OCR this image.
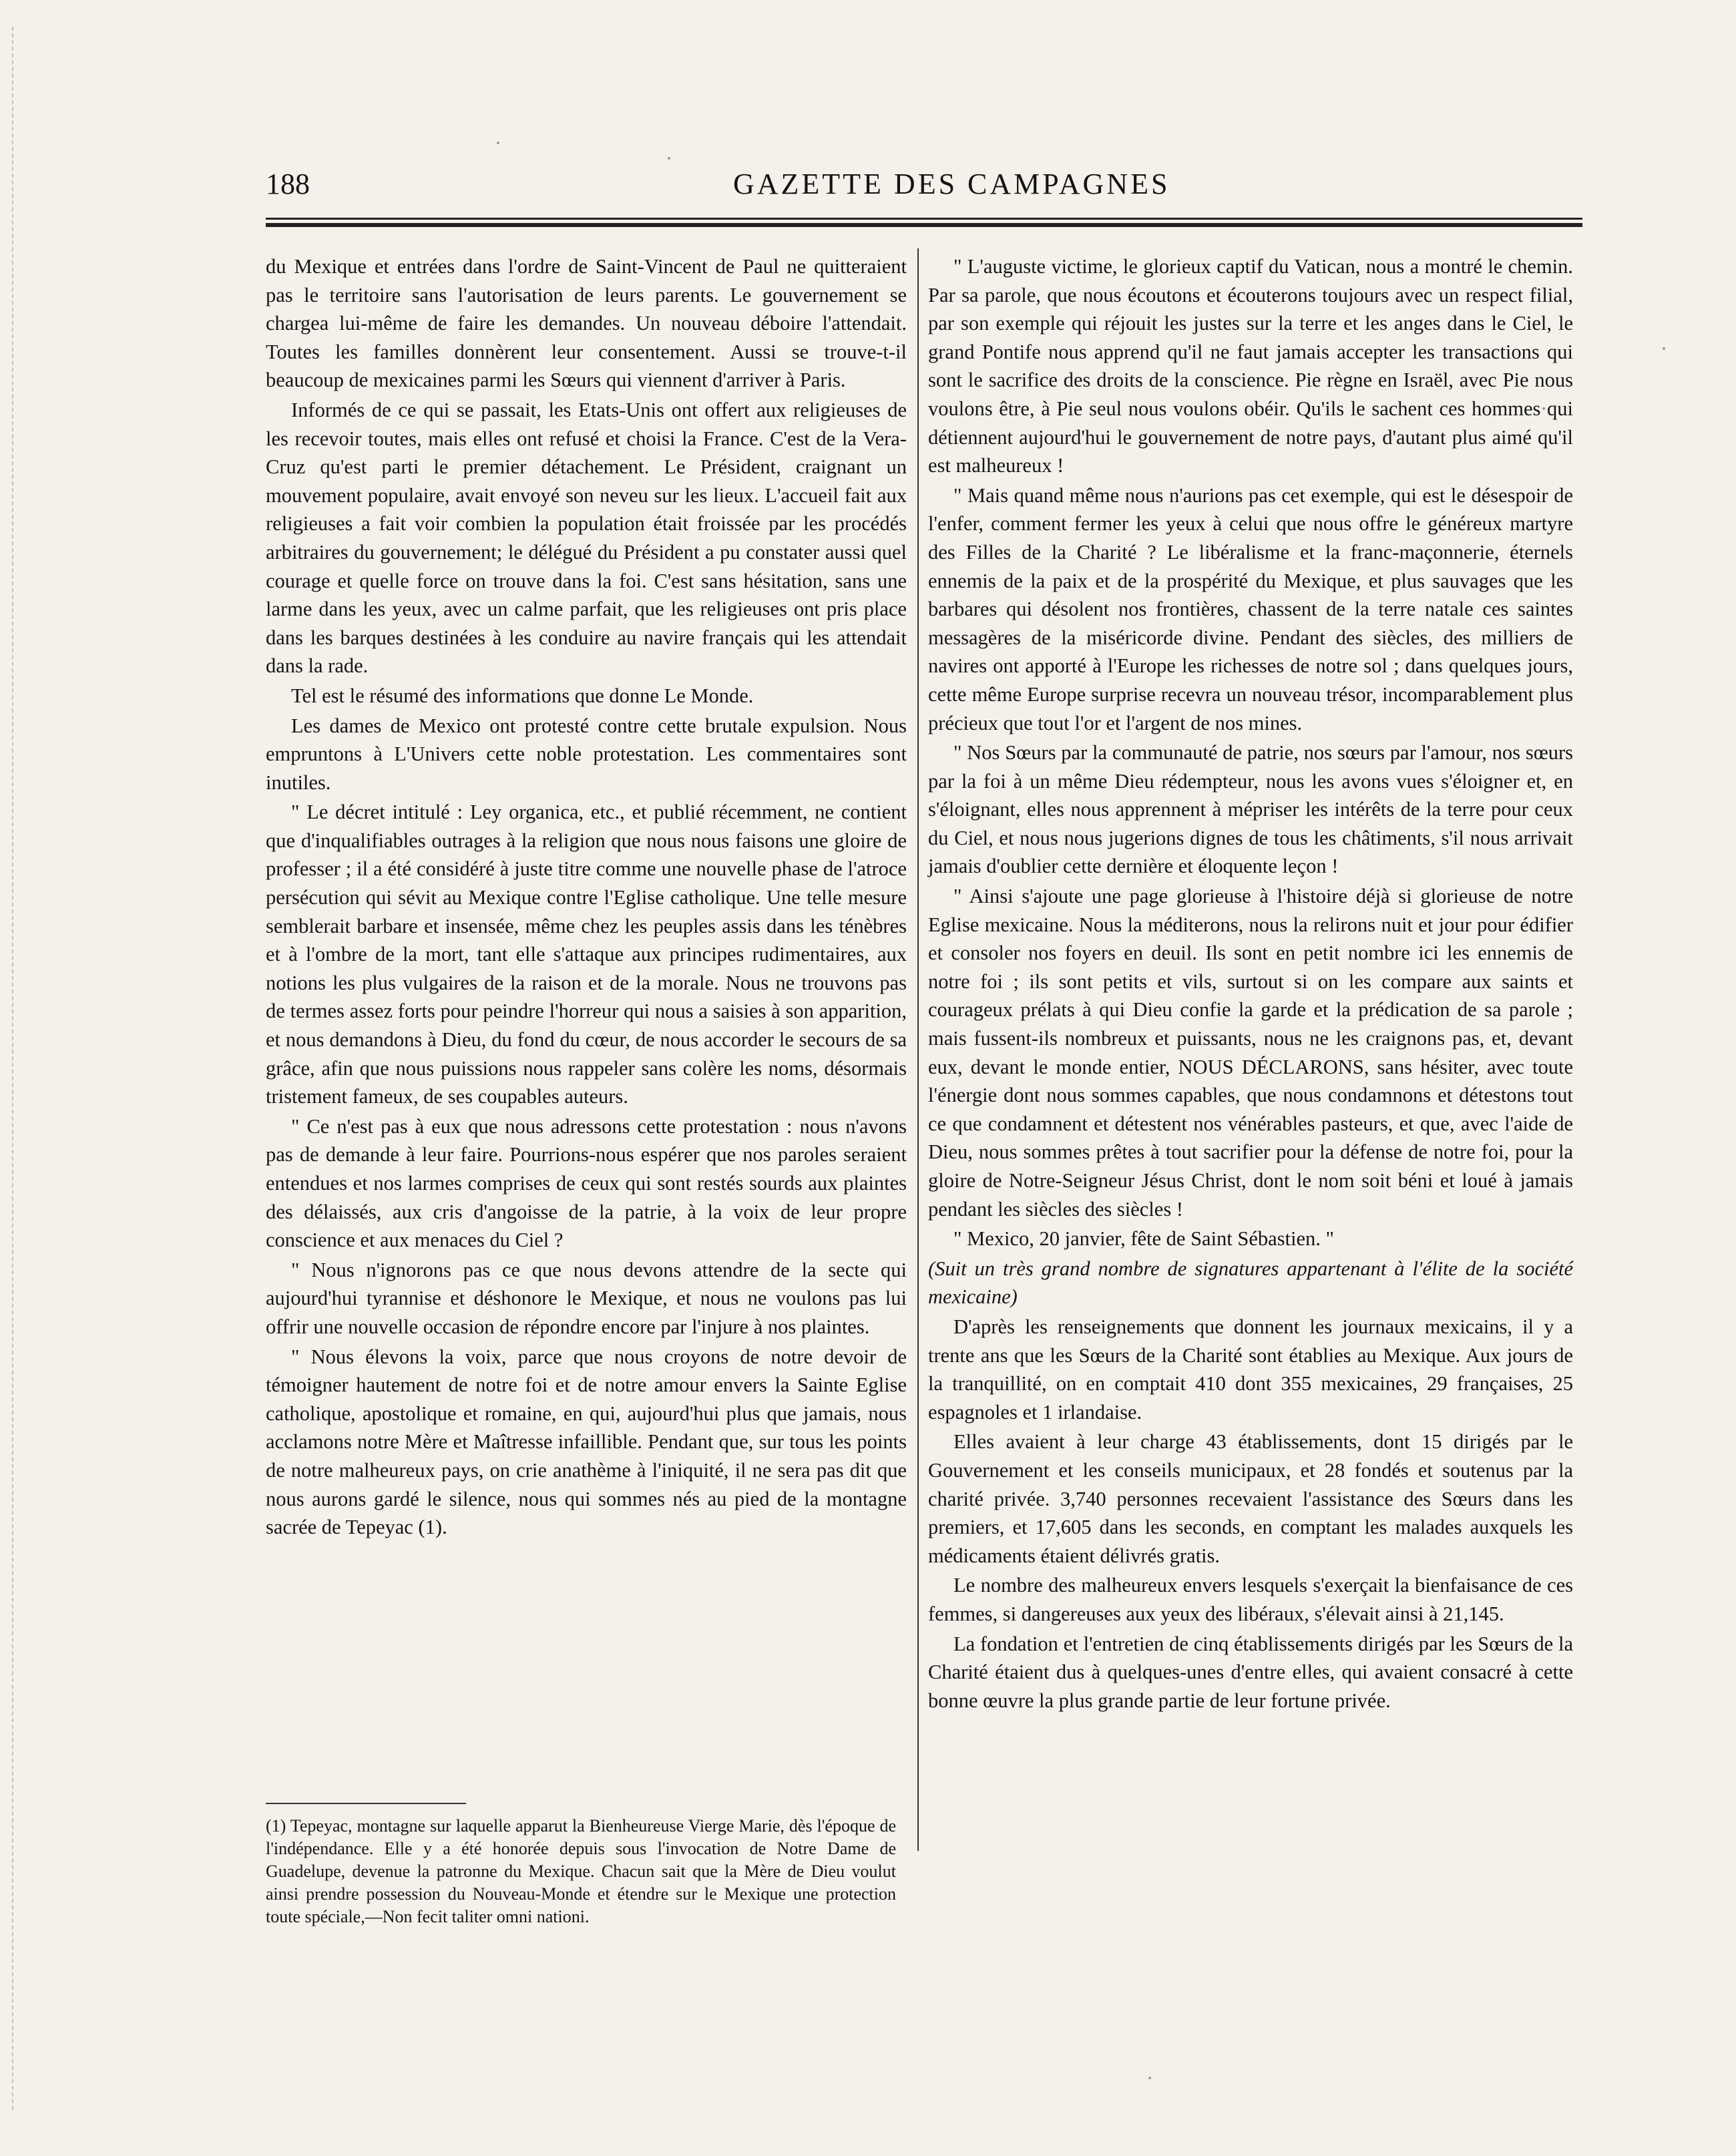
188	GAZETTE DES CAMPAGNES

du Mexique et entrées dans l'ordre de Saint-Vincent de Paul ne quitteraient pas le territoire sans l'autorisation de leurs parents. Le gouvernement se chargea lui-même de faire les demandes. Un nouveau déboire l'attendait. Toutes les familles donnèrent leur consentement. Aussi se trouve-t-il beaucoup de mexicaines parmi les Sœurs qui viennent d'arriver à Paris.

Informés de ce qui se passait, les Etats-Unis ont offert aux religieuses de les recevoir toutes, mais elles ont refusé et choisi la France. C'est de la Vera-Cruz qu'est parti le premier détachement. Le Président, craignant un mouvement populaire, avait envoyé son neveu sur les lieux. L'accueil fait aux religieuses a fait voir combien la population était froissée par les procédés arbitraires du gouvernement; le délégué du Président a pu constater aussi quel courage et quelle force on trouve dans la foi. C'est sans hésitation, sans une larme dans les yeux, avec un calme parfait, que les religieuses ont pris place dans les barques destinées à les conduire au navire français qui les attendait dans la rade.

Tel est le résumé des informations que donne Le Monde.

Les dames de Mexico ont protesté contre cette brutale expulsion. Nous empruntons à L'Univers cette noble protestation. Les commentaires sont inutiles.

" Le décret intitulé : Ley organica, etc., et publié récemment, ne contient que d'inqualifiables outrages à la religion que nous nous faisons une gloire de professer ; il a été considéré à juste titre comme une nouvelle phase de l'atroce persécution qui sévit au Mexique contre l'Eglise catholique. Une telle mesure semblerait barbare et insensée, même chez les peuples assis dans les ténèbres et à l'ombre de la mort, tant elle s'attaque aux principes rudimentaires, aux notions les plus vulgaires de la raison et de la morale. Nous ne trouvons pas de termes assez forts pour peindre l'horreur qui nous a saisies à son apparition, et nous demandons à Dieu, du fond du cœur, de nous accorder le secours de sa grâce, afin que nous puissions nous rappeler sans colère les noms, désormais tristement fameux, de ses coupables auteurs.

" Ce n'est pas à eux que nous adressons cette protestation : nous n'avons pas de demande à leur faire. Pourrions-nous espérer que nos paroles seraient entendues et nos larmes comprises de ceux qui sont restés sourds aux plaintes des délaissés, aux cris d'angoisse de la patrie, à la voix de leur propre conscience et aux menaces du Ciel ?

" Nous n'ignorons pas ce que nous devons attendre de la secte qui aujourd'hui tyrannise et déshonore le Mexique, et nous ne voulons pas lui offrir une nouvelle occasion de répondre encore par l'injure à nos plaintes.

" Nous élevons la voix, parce que nous croyons de notre devoir de témoigner hautement de notre foi et de notre amour envers la Sainte Eglise catholique, apostolique et romaine, en qui, aujourd'hui plus que jamais, nous acclamons notre Mère et Maîtresse infaillible. Pendant que, sur tous les points de notre malheureux pays, on crie anathème à l'iniquité, il ne sera pas dit que nous aurons gardé le silence, nous qui sommes nés au pied de la montagne sacrée de Tepeyac (1).

" L'auguste victime, le glorieux captif du Vatican, nous a montré le chemin. Par sa parole, que nous écoutons et écouterons toujours avec un respect filial, par son exemple qui réjouit les justes sur la terre et les anges dans le Ciel, le grand Pontife nous apprend qu'il ne faut jamais accepter les transactions qui sont le sacrifice des droits de la conscience. Pie règne en Israël, avec Pie nous voulons être, à Pie seul nous voulons obéir. Qu'ils le sachent ces hommes qui détiennent aujourd'hui le gouvernement de notre pays, d'autant plus aimé qu'il est malheureux !

" Mais quand même nous n'aurions pas cet exemple, qui est le désespoir de l'enfer, comment fermer les yeux à celui que nous offre le généreux martyre des Filles de la Charité ? Le libéralisme et la franc-maçonnerie, éternels ennemis de la paix et de la prospérité du Mexique, et plus sauvages que les barbares qui désolent nos frontières, chassent de la terre natale ces saintes messagères de la miséricorde divine. Pendant des siècles, des milliers de navires ont apporté à l'Europe les richesses de notre sol ; dans quelques jours, cette même Europe surprise recevra un nouveau trésor, incomparablement plus précieux que tout l'or et l'argent de nos mines.

" Nos Sœurs par la communauté de patrie, nos sœurs par l'amour, nos sœurs par la foi à un même Dieu rédempteur, nous les avons vues s'éloigner et, en s'éloignant, elles nous apprennent à mépriser les intérêts de la terre pour ceux du Ciel, et nous nous jugerions dignes de tous les châtiments, s'il nous arrivait jamais d'oublier cette dernière et éloquente leçon !

" Ainsi s'ajoute une page glorieuse à l'histoire déjà si glorieuse de notre Eglise mexicaine. Nous la méditerons, nous la relirons nuit et jour pour édifier et consoler nos foyers en deuil. Ils sont en petit nombre ici les ennemis de notre foi ; ils sont petits et vils, surtout si on les compare aux saints et courageux prélats à qui Dieu confie la garde et la prédication de sa parole ; mais fussent-ils nombreux et puissants, nous ne les craignons pas, et, devant eux, devant le monde entier, NOUS DÉCLARONS, sans hésiter, avec toute l'énergie dont nous sommes capables, que nous condamnons et détestons tout ce que condamnent et détestent nos vénérables pasteurs, et que, avec l'aide de Dieu, nous sommes prêtes à tout sacrifier pour la défense de notre foi, pour la gloire de Notre-Seigneur Jésus Christ, dont le nom soit béni et loué à jamais pendant les siècles des siècles !

" Mexico, 20 janvier, fête de Saint Sébastien. "

(Suit un très grand nombre de signatures appartenant à l'élite de la société mexicaine)

D'après les renseignements que donnent les journaux mexicains, il y a trente ans que les Sœurs de la Charité sont établies au Mexique. Aux jours de la tranquillité, on en comptait 410 dont 355 mexicaines, 29 françaises, 25 espagnoles et 1 irlandaise.

Elles avaient à leur charge 43 établissements, dont 15 dirigés par le Gouvernement et les conseils municipaux, et 28 fondés et soutenus par la charité privée. 3,740 personnes recevaient l'assistance des Sœurs dans les premiers, et 17,605 dans les seconds, en comptant les malades auxquels les médicaments étaient délivrés gratis.

Le nombre des malheureux envers lesquels s'exerçait la bienfaisance de ces femmes, si dangereuses aux yeux des libéraux, s'élevait ainsi à 21,145.

La fondation et l'entretien de cinq établissements dirigés par les Sœurs de la Charité étaient dus à quelques-unes d'entre elles, qui avaient consacré à cette bonne œuvre la plus grande partie de leur fortune privée.

(1) Tepeyac, montagne sur laquelle apparut la Bienheureuse Vierge Marie, dès l'époque de l'indépendance. Elle y a été honorée depuis sous l'invocation de Notre Dame de Guadelupe, devenue la patronne du Mexique. Chacun sait que la Mère de Dieu voulut ainsi prendre possession du Nouveau-Monde et étendre sur le Mexique une protection toute spéciale,—Non fecit taliter omni nationi.
